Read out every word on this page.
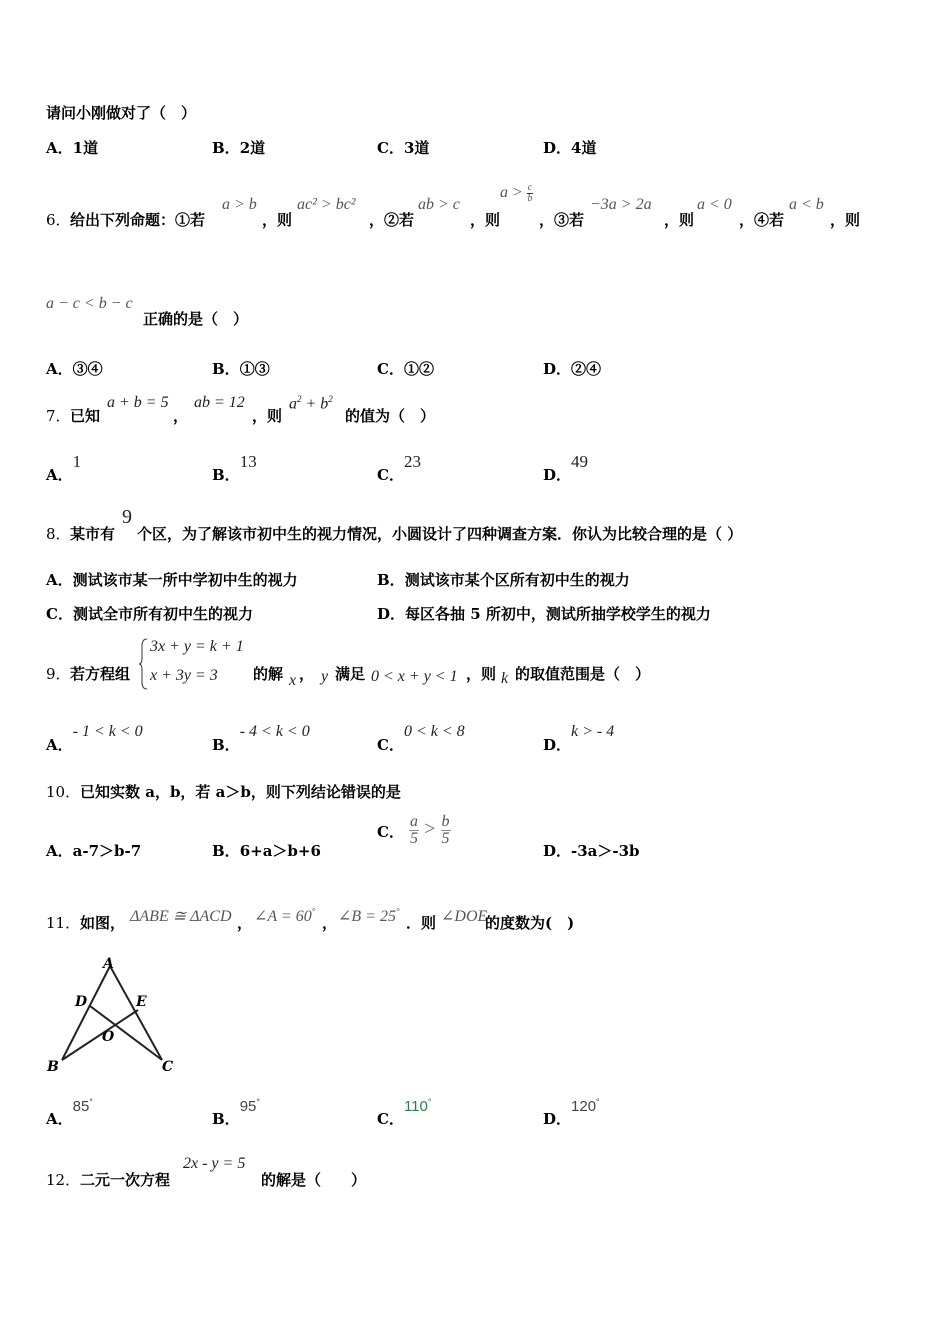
请问小刚做对了（　）
A．1道	B．2道	C．3道	D．4道
6． 给出下列命题：①若
a > b
，则
ac² > bc²
，②若
ab > c
，则
$a > \frac{c}{b}$
，③若
−3a > 2a
，则
a < 0
，④若
a < b
，则
a − c < b − c
正确的是（　）
A．③④	B．①③	C．①②	D．②④
7． 已知
a + b = 5
，
ab = 12
，则
$a^2 + b^2$
的值为（　）
A．1
B．13
C．23
D．49
8． 某市有
9
个区，为了解该市初中生的视力情况，小圆设计了四种调查方案．你认为比较合理的是（ ）
A．测试该市某一所中学初中生的视力	B．测试该市某个区所有初中生的视力
C．测试全市所有初中生的视力	D．每区各抽 5 所初中，测试所抽学校学生的视力
9． 若方程组
3x + y = k + 1
x + 3y = 3 的解 x ， y 满足 0 < x + y < 1 ，则 k 的取值范围是（　）
A．- 1 < k < 0
B．- 4 < k < 0
C．0 < k < 8
D．k > - 4
10． 已知实数 a，b，若 a＞b，则下列结论错误的是
A．a-7＞b-7	B．6+a＞b+6
C． $\frac{a}{5} > \frac{b}{5}$
D．-3a＞-3b
11． 如图， ΔABE ≅ ΔACD ， ∠A = 60°
， ∠B = 25°
．则 ∠DOE
的度数为(　)
A
D	E
O
B	C
A．85°
B．95°
C．110°
D．120°
12． 二元一次方程
2x - y = 5
的解是（　　）
